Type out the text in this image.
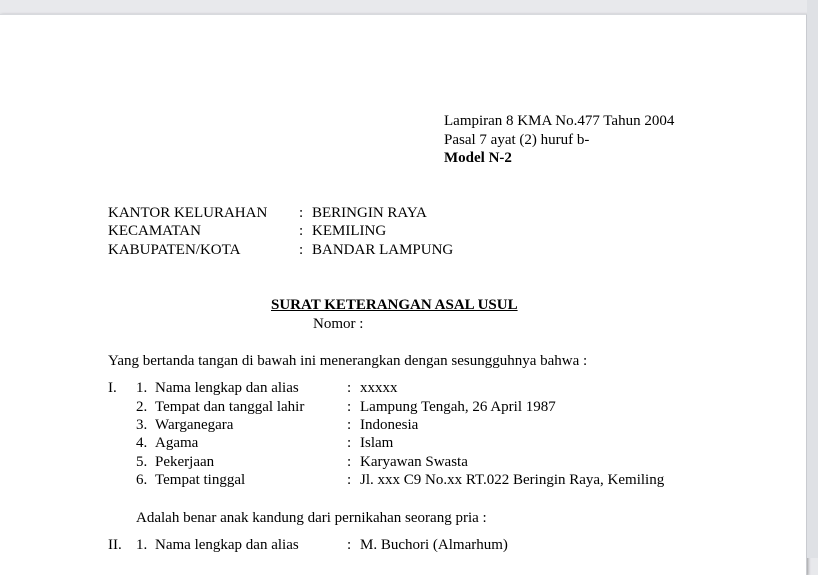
Lampiran 8 KMA No.477 Tahun 2004
Pasal 7 ayat (2) huruf b-
Model N-2
KANTOR KELURAHAN : BERINGIN RAYA
KECAMATAN	: KEMILING
KABUPATEN/KOTA	: BANDAR LAMPUNG
SURAT KETERANGAN ASAL USUL
Nomor :
Yang bertanda tangan di bawah ini menerangkan dengan sesungguhnya bahwa :
I. 1. Nama lengkap dan alias	: xxxxx
2. Tempat dan tanggal lahir	: Lampung Tengah, 26 April 1987
3. Warganegara	: Indonesia
4. Agama	: Islam
5. Pekerjaan	: Karyawan Swasta
6. Tempat tinggal	: Jl. xxx C9 No.xx RT.022 Beringin Raya, Kemiling
Adalah benar anak kandung dari pernikahan seorang pria :
II. 1. Nama lengkap dan alias	: M. Buchori (Almarhum)
